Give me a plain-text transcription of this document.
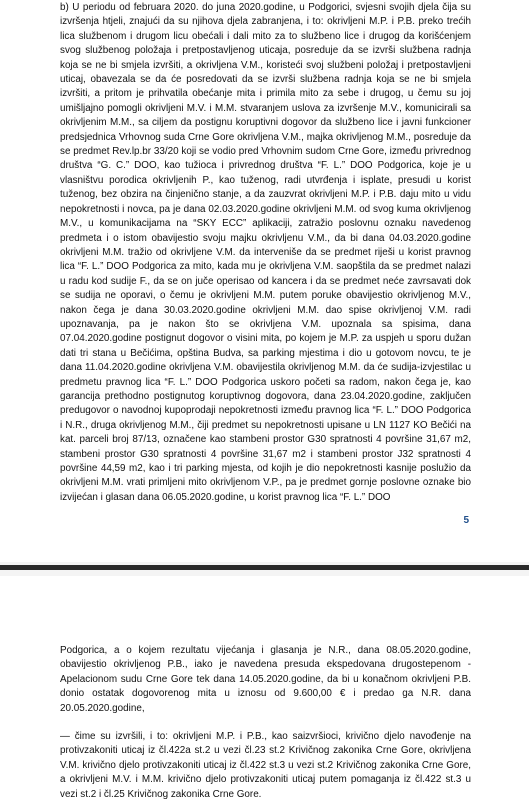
b) U periodu od februara 2020. do juna 2020.godine, u Podgorici, svjesni svojih djela čija su izvršenja htjeli, znajući da su njihova djela zabranjena, i to: okrivljeni M.P. i P.B. preko trećih lica službenom i drugom licu obećali i dali mito za to službeno lice i drugog da korišćenjem svog službenog položaja i pretpostavljenog uticaja, posreduje da se izvrši službena radnja koja se ne bi smjela izvršiti, a okrivljena V.M., koristeći svoj službeni položaj i pretpostavljeni uticaj, obavezala se da će posredovati da se izvrši službena radnja koja se ne bi smjela izvršiti, a pritom je prihvatila obećanje mita i primila mito za sebe i drugog, u čemu su joj umišljajno pomogli okrivljeni M.V. i M.M. stvaranjem uslova za izvršenje M.V., komunicirali sa okrivljenim M.M., sa ciljem da postignu koruptivni dogovor da službeno lice i javni funkcioner predsjednica Vrhovnog suda Crne Gore okrivljena V.M., majka okrivljenog M.M., posreduje da se predmet Rev.lp.br 33/20 koji se vodio pred Vrhovnim sudom Crne Gore, između privrednog društva “G. C.” DOO, kao tužioca i privrednog društva “F. L.” DOO Podgorica, koje je u vlasništvu porodica okrivljenih P., kao tuženog, radi utvrđenja i isplate, presudi u korist tuženog, bez obzira na činjenično stanje, a da zauzvrat okrivljeni M.P. i P.B. daju mito u vidu nepokretnosti i novca, pa je dana 02.03.2020.godine okrivljeni M.M. od svog kuma okrivljenog M.V., u komunikacijama na “SKY ECC” aplikaciji, zatražio poslovnu oznaku navedenog predmeta i o istom obavijestio svoju majku okrivljenu V.M., da bi dana 04.03.2020.godine okrivljeni M.M. tražio od okrivljene V.M. da interveniše da se predmet riješi u korist pravnog lica “F. L.” DOO Podgorica za mito, kada mu je okrivljena V.M. saopštila da se predmet nalazi u radu kod sudije F., da se on juče operisao od kancera i da se predmet neće zavrsavati dok se sudija ne oporavi, o čemu je okrivljeni M.M. putem poruke obavijestio okrivljenog M.V., nakon čega je dana 30.03.2020.godine okrivljeni M.M. dao spise okrivljenoj V.M. radi upoznavanja, pa je nakon što se okrivljena V.M. upoznala sa spisima, dana 07.04.2020.godine postignut dogovor o visini mita, po kojem je M.P. za uspjeh u sporu dužan dati tri stana u Bečićima, opština Budva, sa parking mjestima i dio u gotovom novcu, te je dana 11.04.2020.godine okrivljena V.M. obavijestila okrivljenog M.M. da će sudija-izvjestilac u predmetu pravnog lica “F. L.” DOO Podgorica uskoro početi sa radom, nakon čega je, kao garancija prethodno postignutog koruptivnog dogovora, dana 23.04.2020.godine, zaključen predugovor o navodnoj kupoprodaji nepokretnosti između pravnog lica “F. L.” DOO Podgorica i N.R., druga okrivljenog M.M., čiji predmet su nepokretnosti upisane u LN 1127 KO Bečići na kat. parceli broj 87/13, označene kao stambeni prostor G30 spratnosti 4 površine 31,67 m2, stambeni prostor G30 spratnosti 4 površine 31,67 m2 i stambeni prostor J32 spratnosti 4 površine 44,59 m2, kao i tri parking mjesta, od kojih je dio nepokretnosti kasnije poslužio da okrivljeni M.M. vrati primljeni mito okrivljenom V.P., pa je predmet gornje poslovne oznake bio izvijećan i glasan dana 06.05.2020.godine, u korist pravnog lica “F. L.” DOO

5

Podgorica, a o kojem rezultatu vijećanja i glasanja je N.R., dana 08.05.2020.godine, obavijestio okrivljenog P.B., iako je navedena presuda ekspedovana drugostepenom - Apelacionom sudu Crne Gore tek dana 14.05.2020.godine, da bi u konačnom okrivljeni P.B. donio ostatak dogovorenog mita u iznosu od 9.600,00 € i predao ga N.R. dana 20.05.2020.godine,

— čime su izvršili, i to: okrivljeni M.P. i P.B., kao saizvršioci, krivično djelo navođenje na protivzakoniti uticaj iz čl.422a st.2 u vezi čl.23 st.2 Krivičnog zakonika Crne Gore, okrivljena V.M. krivično djelo protivzakoniti uticaj iz čl.422 st.3 u vezi st.2 Krivičnog zakonika Crne Gore, a okrivljeni M.V. i M.M. krivično djelo protivzakoniti uticaj putem pomaganja iz čl.422 st.3 u vezi st.2 i čl.25 Krivičnog zakonika Crne Gore.
